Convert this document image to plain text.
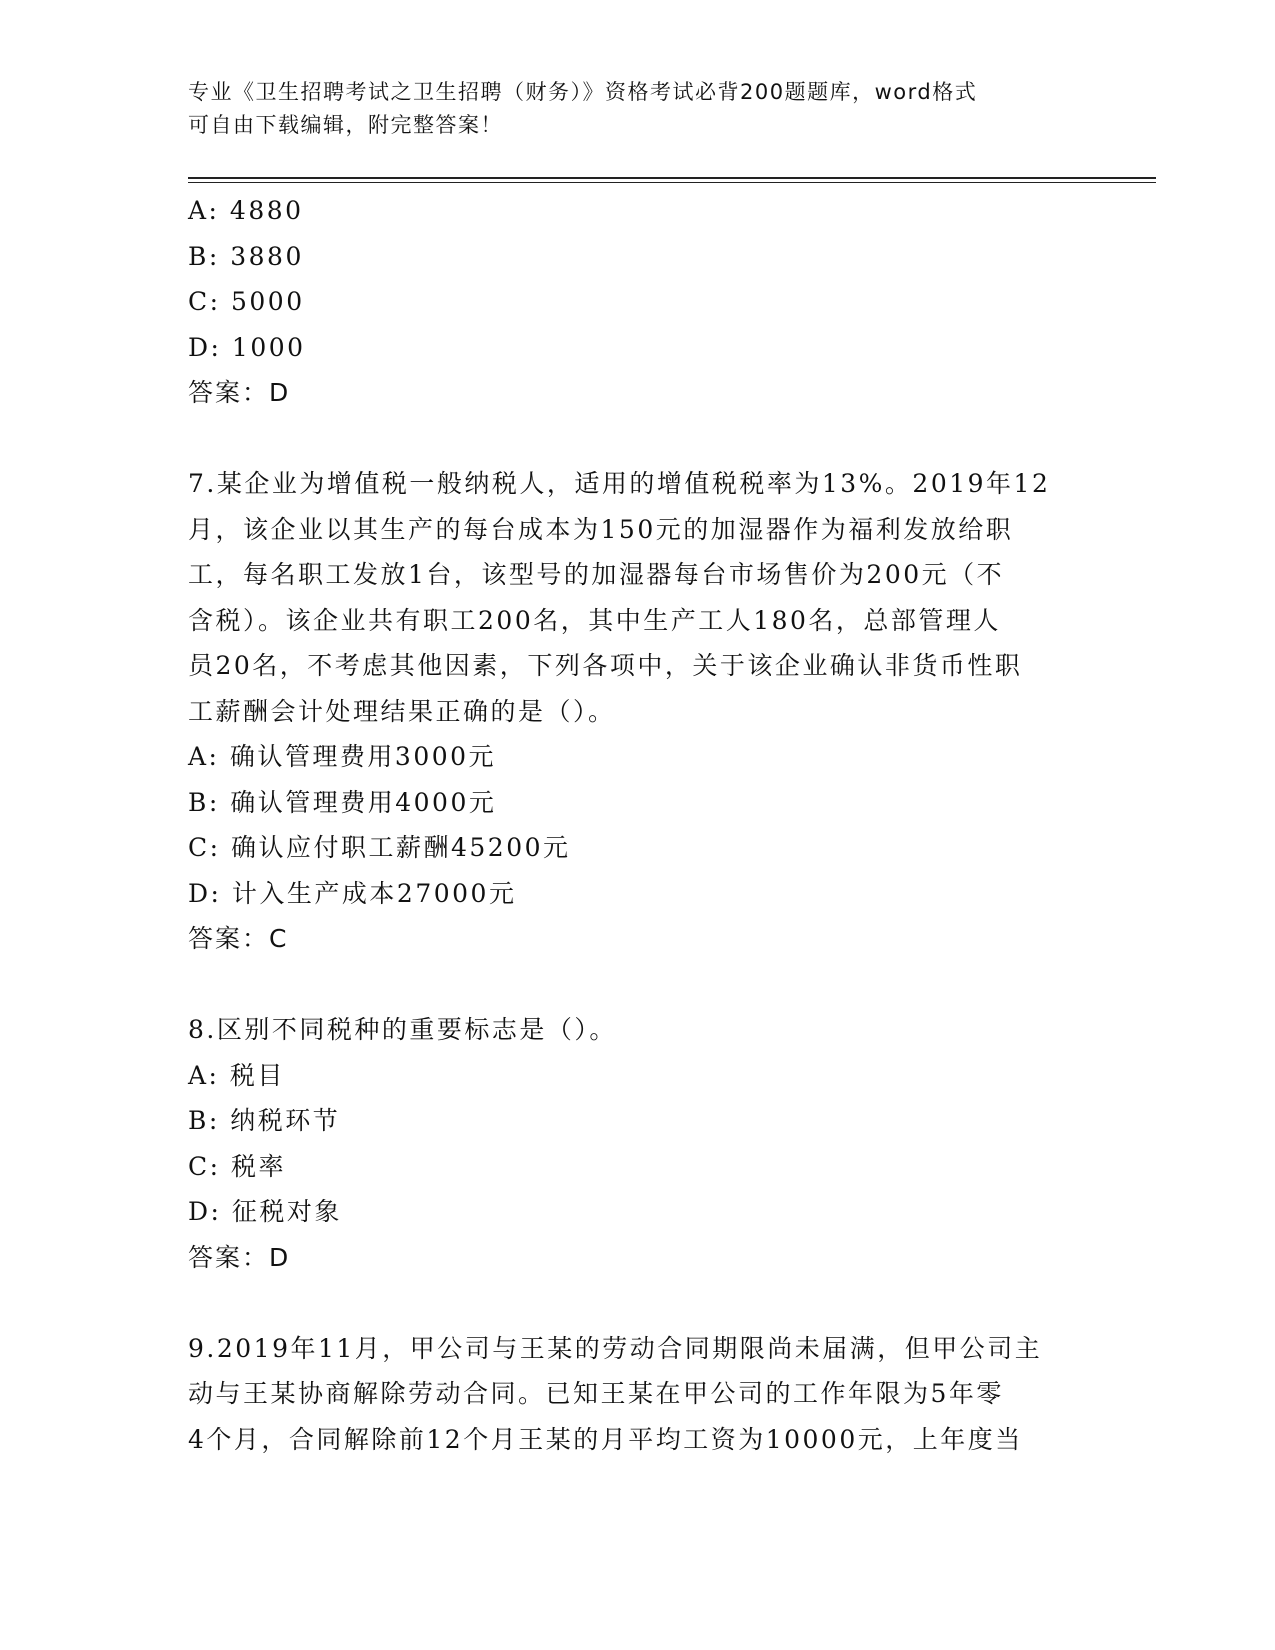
专业《卫生招聘考试之卫生招聘（财务）》资格考试必背200题题库，word格式
可自由下载编辑，附完整答案！
A: 4880
B: 3880
C: 5000
D: 1000
答案：D
7.某企业为增值税一般纳税人，适用的增值税税率为13%。2019年12
月，该企业以其生产的每台成本为150元的加湿器作为福利发放给职
工，每名职工发放1台，该型号的加湿器每台市场售价为200元（不
含税）。该企业共有职工200名，其中生产工人180名，总部管理人
员20名，不考虑其他因素，下列各项中，关于该企业确认非货币性职
工薪酬会计处理结果正确的是（）。
A: 确认管理费用3000元
B: 确认管理费用4000元
C: 确认应付职工薪酬45200元
D: 计入生产成本27000元
答案：C
8.区别不同税种的重要标志是（）。
A: 税目
B: 纳税环节
C: 税率
D: 征税对象
答案：D
9.2019年11月，甲公司与王某的劳动合同期限尚未届满，但甲公司主
动与王某协商解除劳动合同。已知王某在甲公司的工作年限为5年零
4个月，合同解除前12个月王某的月平均工资为10000元，上年度当
